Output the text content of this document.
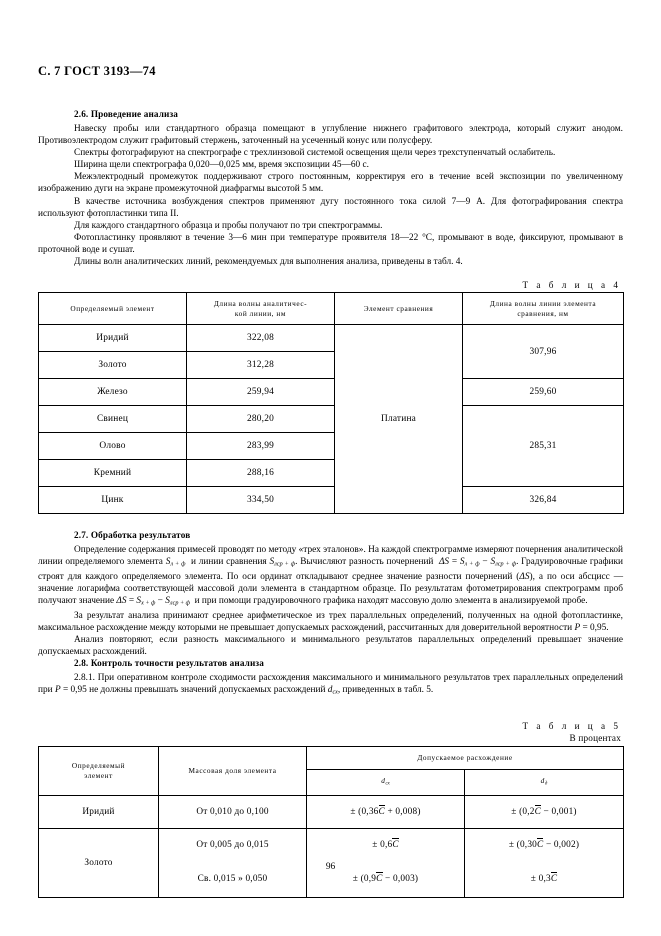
С. 7 ГОСТ 3193—74
2.6. Проведение анализа

Навеску пробы или стандартного образца помещают в углубление нижнего графитового электрода, который служит анодом. Противоэлектродом служит графитовый стержень, заточенный на усеченный конус или полусферу.

Спектры фотографируют на спектрографе с трехлинзовой системой освещения щели через трехступенчатый ослабитель.

Ширина щели спектрографа 0,020—0,025 мм, время экспозиции 45—60 с.

Межэлектродный промежуток поддерживают строго постоянным, корректируя его в течение всей экспозиции по увеличенному изображению дуги на экране промежуточной диафрагмы высотой 5 мм.

В качестве источника возбуждения спектров применяют дугу постоянного тока силой 7—9 А. Для фотографирования спектра используют фотопластинки типа II.

Для каждого стандартного образца и пробы получают по три спектрограммы.

Фотопластинку проявляют в течение 3—6 мин при температуре проявителя 18—22 °С, промывают в воде, фиксируют, промывают в проточной воде и сушат.

Длины волн аналитических линий, рекомендуемых для выполнения анализа, приведены в табл. 4.

Т а б л и ц а 4
Определяемый элемент	Длина волны аналитичес-
кой линии, нм	Элемент сравнения	Длина волны линии элемента
сравнения, нм
Иридий	322,08	Платина	307,96
Золото	312,28		
Железо	259,94		259,60
Свинец	280,20		285,31
Олово	283,99		
Кремний	288,16		
Цинк	334,50		326,84
2.7. Обработка результатов

Определение содержания примесей проводят по методу «трех эталонов». На каждой спектрограмме измеряют почернения аналитической линии определяемого элемента $S_{л + ф}$  и линии сравнения $S_{лср + ф}$. Вычисляют разность почернений  $\Delta S = S_{л + ф} - S_{лср + ф}$. Градуировочные графики строят для каждого определяемого элемента. По оси ординат откладывают среднее значение разности почернений (ΔS), а по оси абсцисс — значение логарифма соответствующей массовой доли элемента в стандартном образце. По результатам фотометрирования спектрограмм проб получают значение $\Delta S = S_{х + ф} - S_{лср + ф}$  и при помощи градуировочного графика находят массовую долю элемента в анализируемой пробе.

За результат анализа принимают среднее арифметическое из трех параллельных определений, полученных на одной фотопластинке, максимальное расхождение между которыми не превышает допускаемых расхождений, рассчитанных для доверительной вероятности P = 0,95.

Анализ повторяют, если разность максимального и минимального результатов параллельных определений превышает значение допускаемых расхождений.

2.8. Контроль точности результатов анализа

2.8.1. При оперативном контроле сходимости расхождения максимального и минимального результатов трех параллельных определений при P = 0,95 не должны превышать значений допускаемых расхождений $d_{сх}$, приведенных в табл. 5.

Т а б л и ц а 5
В процентах
Определяемый
элемент	Массовая доля элемента	Допускаемое расхождение	
		$d_{сх}$	$d_д$
Иридий	От 0,010 до 0,100	± (0,36C + 0,008)	± (0,2C − 0,001)
Золото	От 0,005 до 0,015	± 0,6C	± (0,30C − 0,002)
	Св. 0,015 » 0,050	± (0,9C − 0,003)	± 0,3C
96
